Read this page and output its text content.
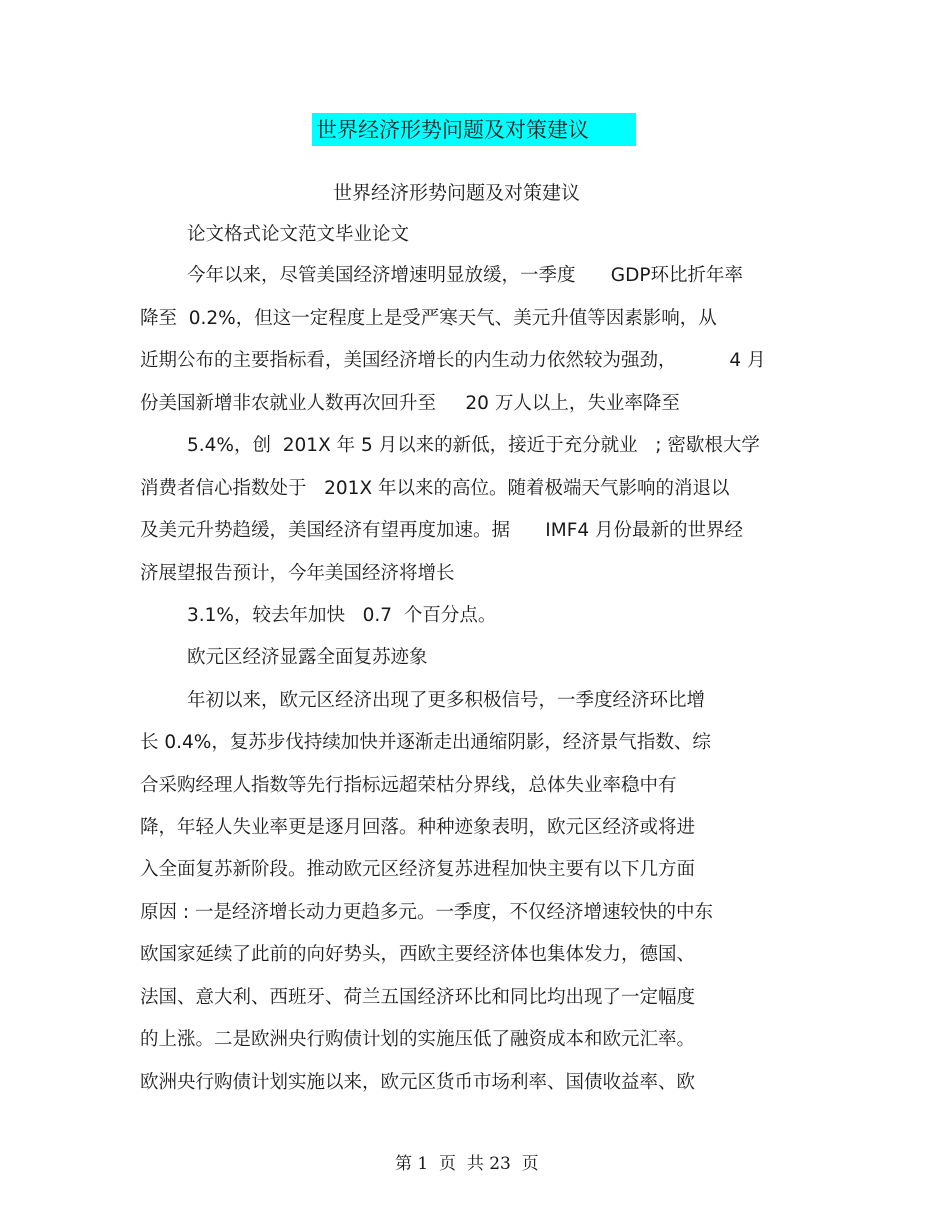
世界经济形势问题及对策建议
世界经济形势问题及对策建议
论文格式论文范文毕业论文
今年以来，尽管美国经济增速明显放缓，一季度      GDP环比折年率
降至  0.2%，但这一定程度上是受严寒天气、美元升值等因素影响，从
近期公布的主要指标看，美国经济增长的内生动力依然较为强劲，         4 月
份美国新增非农就业人数再次回升至     20 万人以上，失业率降至
5.4%，创  201X 年 5 月以来的新低，接近于充分就业   ; 密歇根大学
消费者信心指数处于   201X 年以来的高位。随着极端天气影响的消退以
及美元升势趋缓，美国经济有望再度加速。据      IMF4 月份最新的世界经
济展望报告预计，今年美国经济将增长
3.1%，较去年加快   0.7  个百分点。
欧元区经济显露全面复苏迹象
年初以来，欧元区经济出现了更多积极信号，一季度经济环比增
长 0.4%，复苏步伐持续加快并逐渐走出通缩阴影，经济景气指数、综
合采购经理人指数等先行指标远超荣枯分界线，总体失业率稳中有
降，年轻人失业率更是逐月回落。种种迹象表明，欧元区经济或将进
入全面复苏新阶段。推动欧元区经济复苏进程加快主要有以下几方面
原因 : 一是经济增长动力更趋多元。一季度，不仅经济增速较快的中东
欧国家延续了此前的向好势头，西欧主要经济体也集体发力，德国、
法国、意大利、西班牙、荷兰五国经济环比和同比均出现了一定幅度
的上涨。二是欧洲央行购债计划的实施压低了融资成本和欧元汇率。
欧洲央行购债计划实施以来，欧元区货币市场利率、国债收益率、欧
第 1  页  共 23  页
